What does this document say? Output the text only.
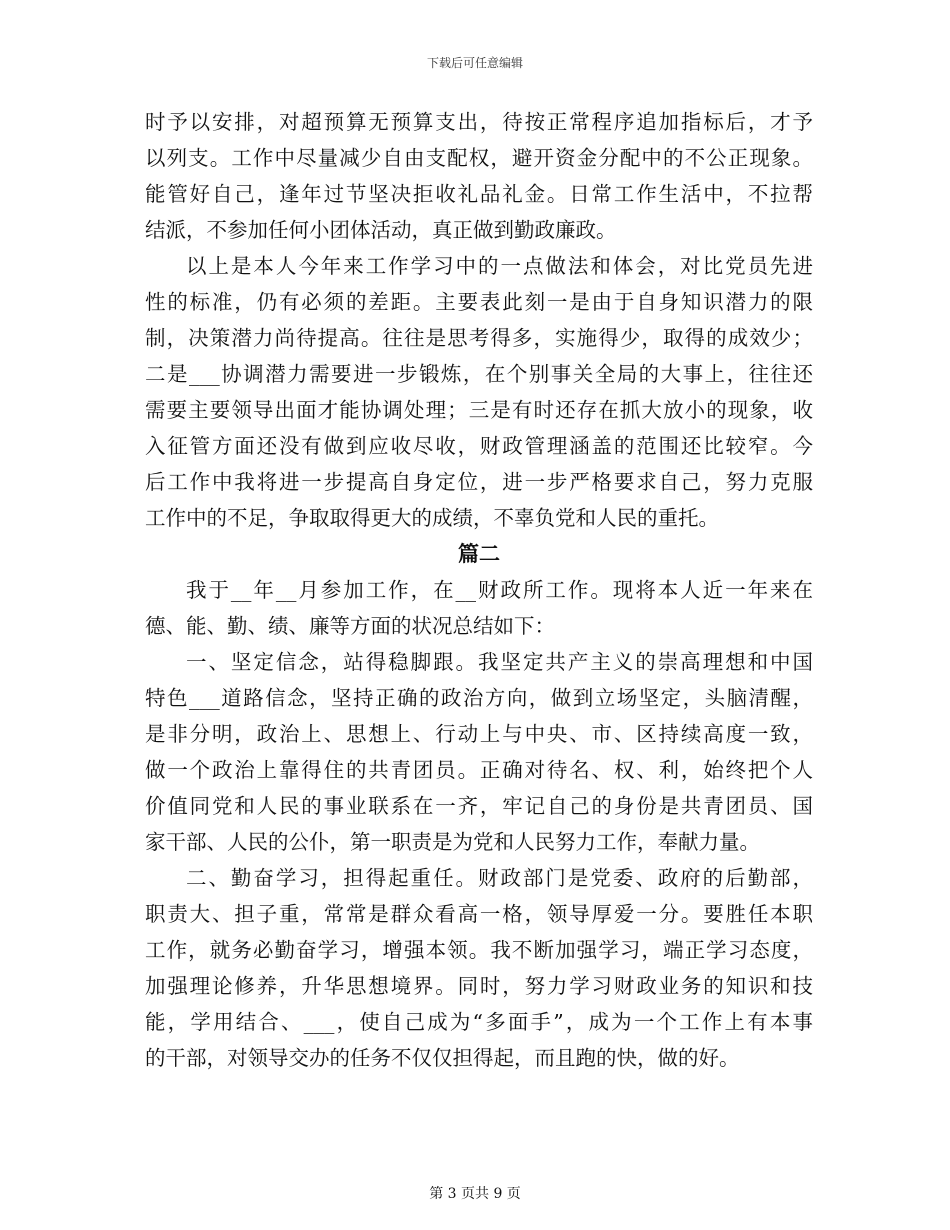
下载后可任意编辑
时予以安排，对超预算无预算支出，待按正常程序追加指标后，才予
以列支。工作中尽量减少自由支配权，避开资金分配中的不公正现象。
能管好自己，逢年过节坚决拒收礼品礼金。日常工作生活中，不拉帮
结派，不参加任何小团体活动，真正做到勤政廉政。
以上是本人今年来工作学习中的一点做法和体会，对比党员先进
性的标准，仍有必须的差距。主要表此刻一是由于自身知识潜力的限
制，决策潜力尚待提高。往往是思考得多，实施得少，取得的成效少；
二是___协调潜力需要进一步锻炼，在个别事关全局的大事上，往往还
需要主要领导出面才能协调处理；三是有时还存在抓大放小的现象，收
入征管方面还没有做到应收尽收，财政管理涵盖的范围还比较窄。今
后工作中我将进一步提高自身定位，进一步严格要求自己，努力克服
工作中的不足，争取取得更大的成绩，不辜负党和人民的重托。
篇二
我于__年__月参加工作，在__财政所工作。现将本人近一年来在
德、能、勤、绩、廉等方面的状况总结如下：
一、坚定信念，站得稳脚跟。我坚定共产主义的崇高理想和中国
特色___道路信念，坚持正确的政治方向，做到立场坚定，头脑清醒，
是非分明，政治上、思想上、行动上与中央、市、区持续高度一致，
做一个政治上靠得住的共青团员。正确对待名、权、利，始终把个人
价值同党和人民的事业联系在一齐，牢记自己的身份是共青团员、国
家干部、人民的公仆，第一职责是为党和人民努力工作，奉献力量。
二、勤奋学习，担得起重任。财政部门是党委、政府的后勤部，
职责大、担子重，常常是群众看高一格，领导厚爱一分。要胜任本职
工作，就务必勤奋学习，增强本领。我不断加强学习，端正学习态度，
加强理论修养，升华思想境界。同时，努力学习财政业务的知识和技
能，学用结合、___，使自己成为“多面手”，成为一个工作上有本事
的干部，对领导交办的任务不仅仅担得起，而且跑的快，做的好。
第 3 页共 9 页
